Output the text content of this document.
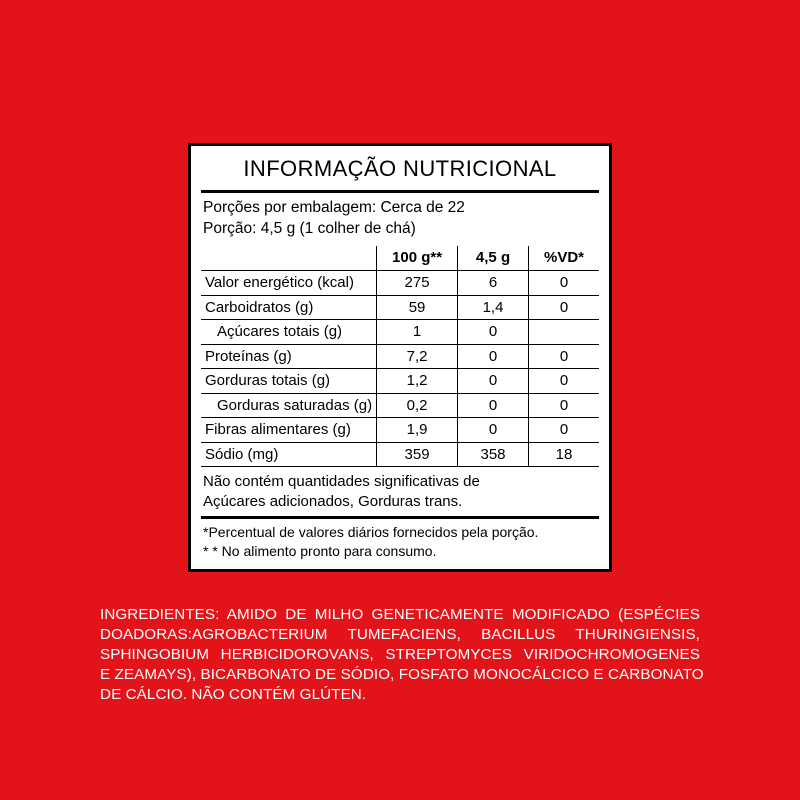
INFORMAÇÃO NUTRICIONAL
Porções por embalagem: Cerca de 22
Porção: 4,5 g (1 colher de chá)
	100 g**	4,5 g	%VD*
Valor energético (kcal)	275	6	0
Carboidratos (g)	59	1,4	0
Açúcares totais (g)	1	0	
Proteínas (g)	7,2	0	0
Gorduras totais (g)	1,2	0	0
Gorduras saturadas (g)	0,2	0	0
Fibras alimentares (g)	1,9	0	0
Sódio (mg)	359	358	18
Não contém quantidades significativas de
Açúcares adicionados, Gorduras trans.
*Percentual de valores diários fornecidos pela porção.
* * No alimento pronto para consumo.
INGREDIENTES: AMIDO DE MILHO GENETICAMENTE MODIFICADO (ESPÉCIES
DOADORAS:AGROBACTERIUM TUMEFACIENS, BACILLUS THURINGIENSIS,
SPHINGOBIUM HERBICIDOROVANS, STREPTOMYCES VIRIDOCHROMOGENES
E ZEAMAYS), BICARBONATO DE SÓDIO, FOSFATO MONOCÁLCICO E CARBONATO
DE CÁLCIO. NÃO CONTÉM GLÚTEN.
